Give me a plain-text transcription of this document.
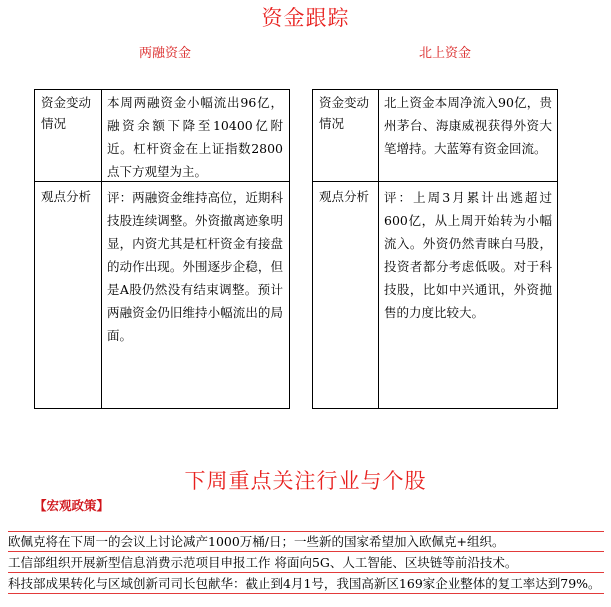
资金跟踪
两融资金
资金变动情况
本周两融资金小幅流出96亿，融资余额下降至10400亿附近。杠杆资金在上证指数2800点下方观望为主。
观点分析	评：两融资金维持高位，近期科技股连续调整。外资撤离迹象明显，内资尤其是杠杆资金有接盘的动作出现。外围逐步企稳，但是A股仍然没有结束调整。预计两融资金仍旧维持小幅流出的局面。
北上资金
资金变动情况
北上资金本周净流入90亿，贵州茅台、海康威视获得外资大笔增持。大蓝筹有资金回流。
观点分析	评：上周3月累计出逃超过600亿，从上周开始转为小幅流入。外资仍然青睐白马股，投资者都分考虑低吸。对于科技股，比如中兴通讯，外资抛售的力度比较大。
下周重点关注行业与个股
【宏观政策】
欧佩克将在下周一的会议上讨论减产1000万桶/日；一些新的国家希望加入欧佩克+组织。
工信部组织开展新型信息消费示范项目申报工作 将面向5G、人工智能、区块链等前沿技术。
科技部成果转化与区域创新司司长包献华：截止到4月1号，我国高新区169家企业整体的复工率达到79%。
